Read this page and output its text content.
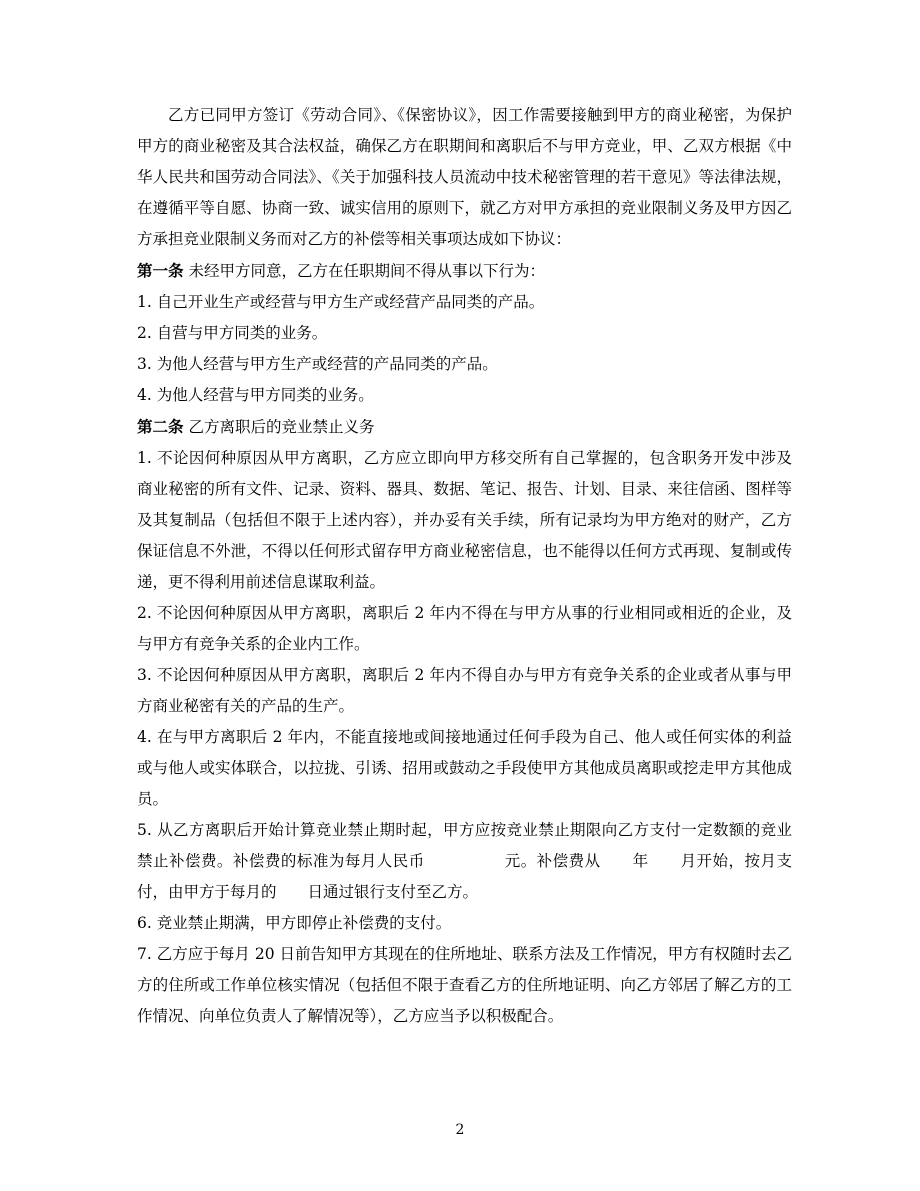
乙方已同甲方签订《劳动合同》、《保密协议》，因工作需要接触到甲方的商业秘密，为保护甲方的商业秘密及其合法权益，确保乙方在职期间和离职后不与甲方竞业，甲、乙双方根据《中华人民共和国劳动合同法》、《关于加强科技人员流动中技术秘密管理的若干意见》等法律法规，在遵循平等自愿、协商一致、诚实信用的原则下，就乙方对甲方承担的竞业限制义务及甲方因乙方承担竞业限制义务而对乙方的补偿等相关事项达成如下协议：

第一条 未经甲方同意，乙方在任职期间不得从事以下行为：

1. 自己开业生产或经营与甲方生产或经营产品同类的产品。

2. 自营与甲方同类的业务。

3. 为他人经营与甲方生产或经营的产品同类的产品。

4. 为他人经营与甲方同类的业务。

第二条 乙方离职后的竞业禁止义务

1. 不论因何种原因从甲方离职，乙方应立即向甲方移交所有自己掌握的，包含职务开发中涉及商业秘密的所有文件、记录、资料、器具、数据、笔记、报告、计划、目录、来往信函、图样等及其复制品（包括但不限于上述内容），并办妥有关手续，所有记录均为甲方绝对的财产，乙方保证信息不外泄，不得以任何形式留存甲方商业秘密信息，也不能得以任何方式再现、复制或传递，更不得利用前述信息谋取利益。

2. 不论因何种原因从甲方离职，离职后 2 年内不得在与甲方从事的行业相同或相近的企业，及与甲方有竞争关系的企业内工作。

3. 不论因何种原因从甲方离职，离职后 2 年内不得自办与甲方有竞争关系的企业或者从事与甲方商业秘密有关的产品的生产。

4. 在与甲方离职后 2 年内，不能直接地或间接地通过任何手段为自己、他人或任何实体的利益或与他人或实体联合，以拉拢、引诱、招用或鼓动之手段使甲方其他成员离职或挖走甲方其他成员。

5. 从乙方离职后开始计算竞业禁止期时起，甲方应按竞业禁止期限向乙方支付一定数额的竞业禁止补偿费。补偿费的标准为每月人民币　　　　　元。补偿费从　　年　　月开始，按月支付，由甲方于每月的　　日通过银行支付至乙方。

6. 竞业禁止期满，甲方即停止补偿费的支付。

7. 乙方应于每月 20 日前告知甲方其现在的住所地址、联系方法及工作情况，甲方有权随时去乙方的住所或工作单位核实情况（包括但不限于查看乙方的住所地证明、向乙方邻居了解乙方的工作情况、向单位负责人了解情况等），乙方应当予以积极配合。

2
